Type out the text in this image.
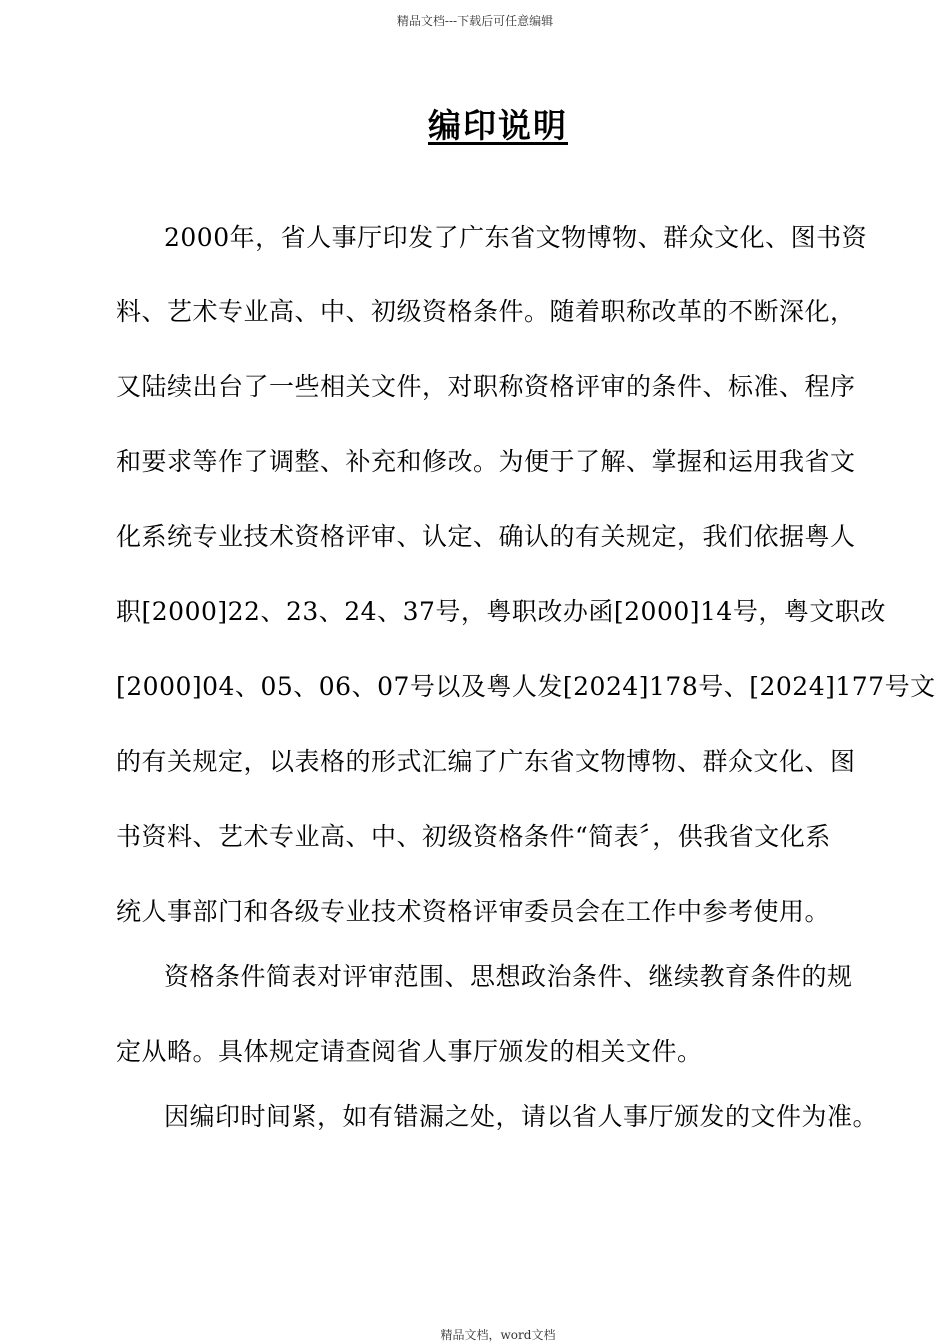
精品文档---下载后可任意编辑
编印说明
2000年，省人事厅印发了广东省文物博物、群众文化、图书资
料、艺术专业高、中、初级资格条件。随着职称改革的不断深化，
又陆续出台了一些相关文件，对职称资格评审的条件、标准、程序
和要求等作了调整、补充和修改。为便于了解、掌握和运用我省文
化系统专业技术资格评审、认定、确认的有关规定，我们依据粤人
职[2000]22、23、24、37号，粤职改办函[2000]14号，粤文职改
[2000]04、05、06、07号以及粤人发[2024]178号、[2024]177号文
的有关规定，以表格的形式汇编了广东省文物博物、群众文化、图
书资料、艺术专业高、中、初级资格条件“简表〞，供我省文化系
统人事部门和各级专业技术资格评审委员会在工作中参考使用。
资格条件简表对评审范围、思想政治条件、继续教育条件的规
定从略。具体规定请查阅省人事厅颁发的相关文件。
因编印时间紧，如有错漏之处，请以省人事厅颁发的文件为准。
精品文档，word文档
